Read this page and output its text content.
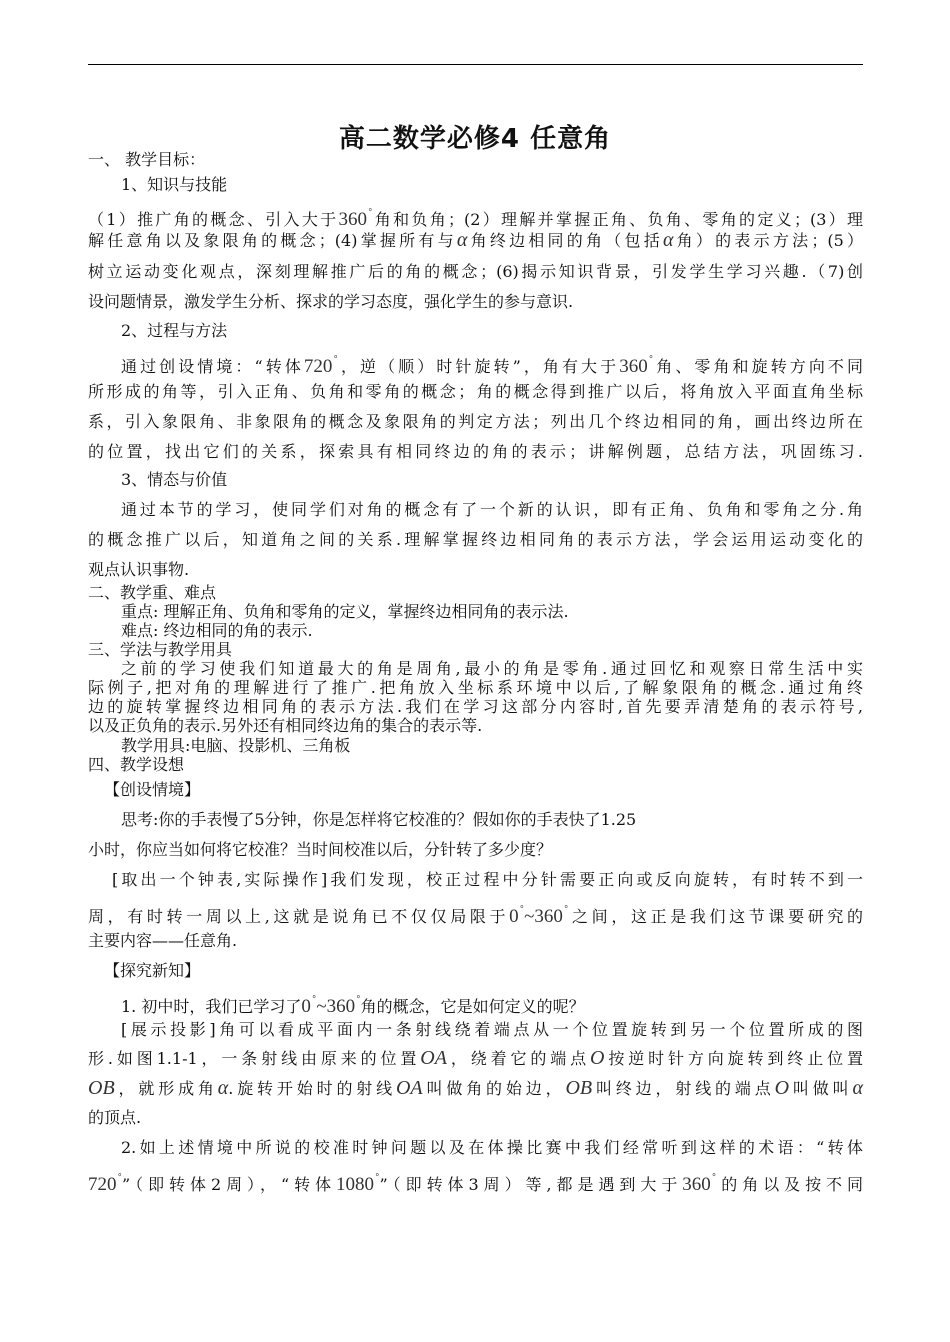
高二数学必修4 任意角
一、 教学目标：
1、知识与技能
（1）推广角的概念、引入大于360°角和负角；(2）理解并掌握正角、负角、零角的定义；(3）理
解任意角以及象限角的概念；(4)掌握所有与α角终边相同的角（包括α角）的表示方法；(5）
树立运动变化观点，深刻理解推广后的角的概念；(6)揭示知识背景，引发学生学习兴趣.（7)创
设问题情景，激发学生分析、探求的学习态度，强化学生的参与意识.
2、过程与方法
通过创设情境：“转体720°，逆（顺）时针旋转”，角有大于360°角、零角和旋转方向不同
所形成的角等，引入正角、负角和零角的概念；角的概念得到推广以后，将角放入平面直角坐标
系，引入象限角、非象限角的概念及象限角的判定方法；列出几个终边相同的角，画出终边所在
的位置，找出它们的关系，探索具有相同终边的角的表示；讲解例题，总结方法，巩固练习.
3、情态与价值
通过本节的学习，使同学们对角的概念有了一个新的认识，即有正角、负角和零角之分.角
的概念推广以后，知道角之间的关系.理解掌握终边相同角的表示方法，学会运用运动变化的
观点认识事物.
二、教学重、难点
重点: 理解正角、负角和零角的定义，掌握终边相同角的表示法.
难点: 终边相同的角的表示.
三、学法与教学用具
之前的学习使我们知道最大的角是周角,最小的角是零角.通过回忆和观察日常生活中实
际例子,把对角的理解进行了推广.把角放入坐标系环境中以后,了解象限角的概念.通过角终
边的旋转掌握终边相同角的表示方法.我们在学习这部分内容时,首先要弄清楚角的表示符号,
以及正负角的表示.另外还有相同终边角的集合的表示等.
教学用具:电脑、投影机、三角板
四、教学设想
【创设情境】
思考:你的手表慢了5分钟，你是怎样将它校准的？假如你的手表快了1.25
小时，你应当如何将它校准？当时间校准以后，分针转了多少度？
[取出一个钟表,实际操作]我们发现，校正过程中分针需要正向或反向旋转，有时转不到一
周，有时转一周以上,这就是说角已不仅仅局限于0°~360°之间，这正是我们这节课要研究的
主要内容——任意角.
【探究新知】
1. 初中时，我们已学习了0°~360°角的概念，它是如何定义的呢？
[展示投影]角可以看成平面内一条射线绕着端点从一个位置旋转到另一个位置所成的图
形.如图1.1-1，一条射线由原来的位置OA，绕着它的端点O按逆时针方向旋转到终止位置
OB，就形成角α.旋转开始时的射线OA叫做角的始边，OB叫终边，射线的端点O叫做叫α
的顶点.
2.如上述情境中所说的校准时钟问题以及在体操比赛中我们经常听到这样的术语：“转体
720°”（即转体2周），“转体1080°”（即转体3周）等,都是遇到大于360°的角以及按不同
